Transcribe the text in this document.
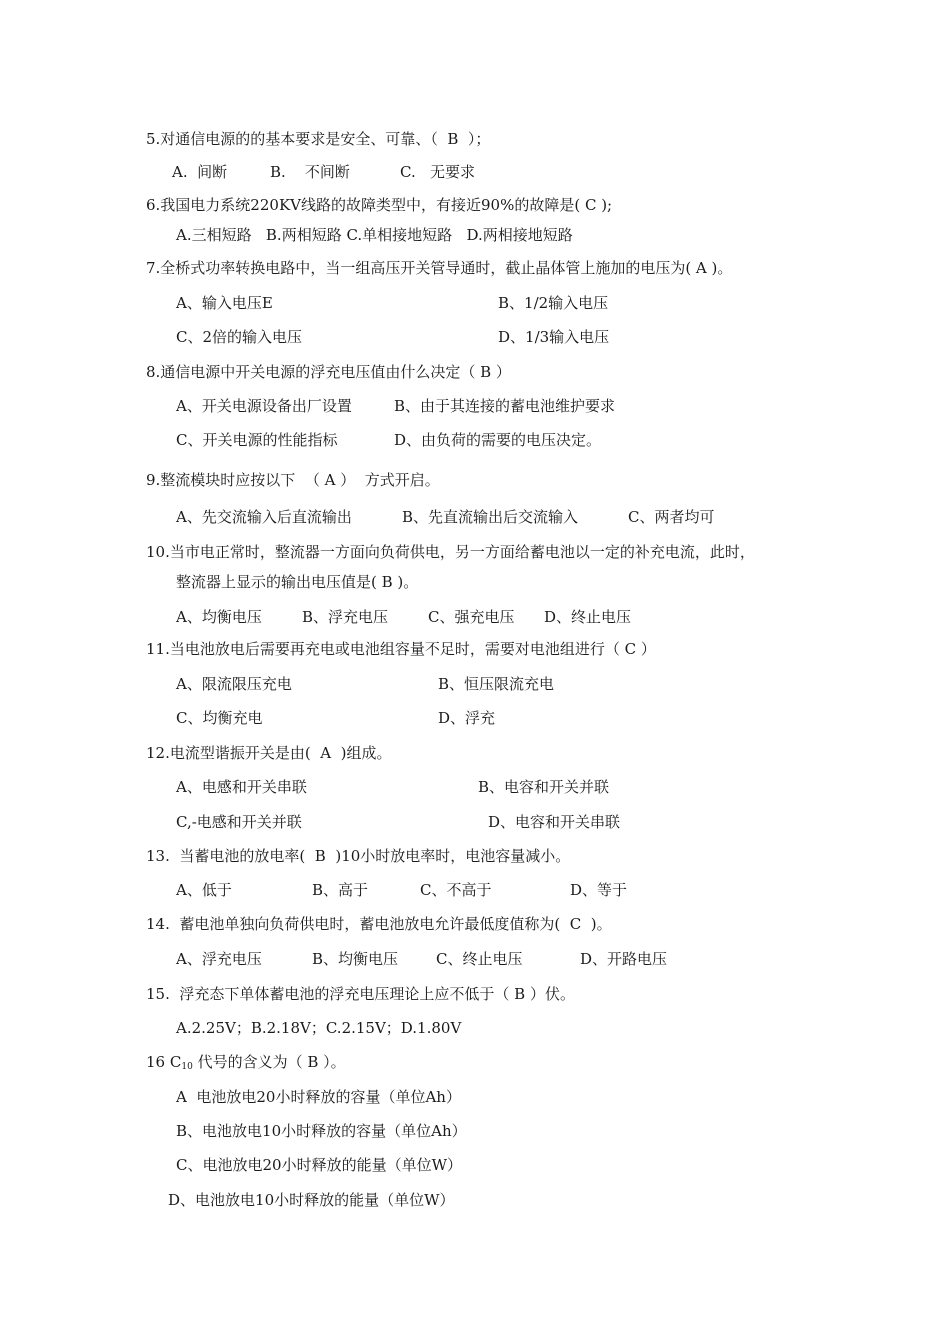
5.对通信电源的的基本要求是安全、可靠、（  B  ）；
A.  间断	B.    不间断	C.   无要求
6.我国电力系统220KV线路的故障类型中，有接近90%的故障是( C );
A.三相短路   B.两相短路 C.单相接地短路   D.两相接地短路
7.全桥式功率转换电路中，当一组高压开关管导通时，截止晶体管上施加的电压为( A )。
A、输入电压E	B、1/2输入电压
C、2倍的输入电压	D、1/3输入电压
8.通信电源中开关电源的浮充电压值由什么决定（ B ）
A、开关电源设备出厂设置	B、由于其连接的蓄电池维护要求
C、开关电源的性能指标	D、由负荷的需要的电压决定。
9.整流模块时应按以下  （ A ）  方式开启。
A、先交流输入后直流输出	B、先直流输出后交流输入	C、两者均可
10.当市电正常时，整流器一方面向负荷供电，另一方面给蓄电池以一定的补充电流，此时，
整流器上显示的输出电压值是( B )。
A、均衡电压	B、浮充电压	C、强充电压 D、终止电压
11.当电池放电后需要再充电或电池组容量不足时，需要对电池组进行（ C ）
A、限流限压充电	B、恒压限流充电
C、均衡充电	D、浮充
12.电流型谐振开关是由(  A  )组成。
A、电感和开关串联	B、电容和开关并联
C,-电感和开关并联	D、电容和开关串联
13.  当蓄电池的放电率(  B  )10小时放电率时，电池容量减小。
A、低于	B、高于	C、不高于	D、等于
14.  蓄电池单独向负荷供电时，蓄电池放电允许最低度值称为(  C  )。
A、浮充电压	B、均衡电压	C、终止电压	D、开路电压
15.  浮充态下单体蓄电池的浮充电压理论上应不低于（ B ）伏。
A.2.25V；B.2.18V；C.2.15V；D.1.80V
16 $C_{10}$ 代号的含义为（ B ）。
A  电池放电20小时释放的容量（单位Ah）
B、电池放电10小时释放的容量（单位Ah）
C、电池放电20小时释放的能量（单位W）
D、电池放电10小时释放的能量（单位W）
